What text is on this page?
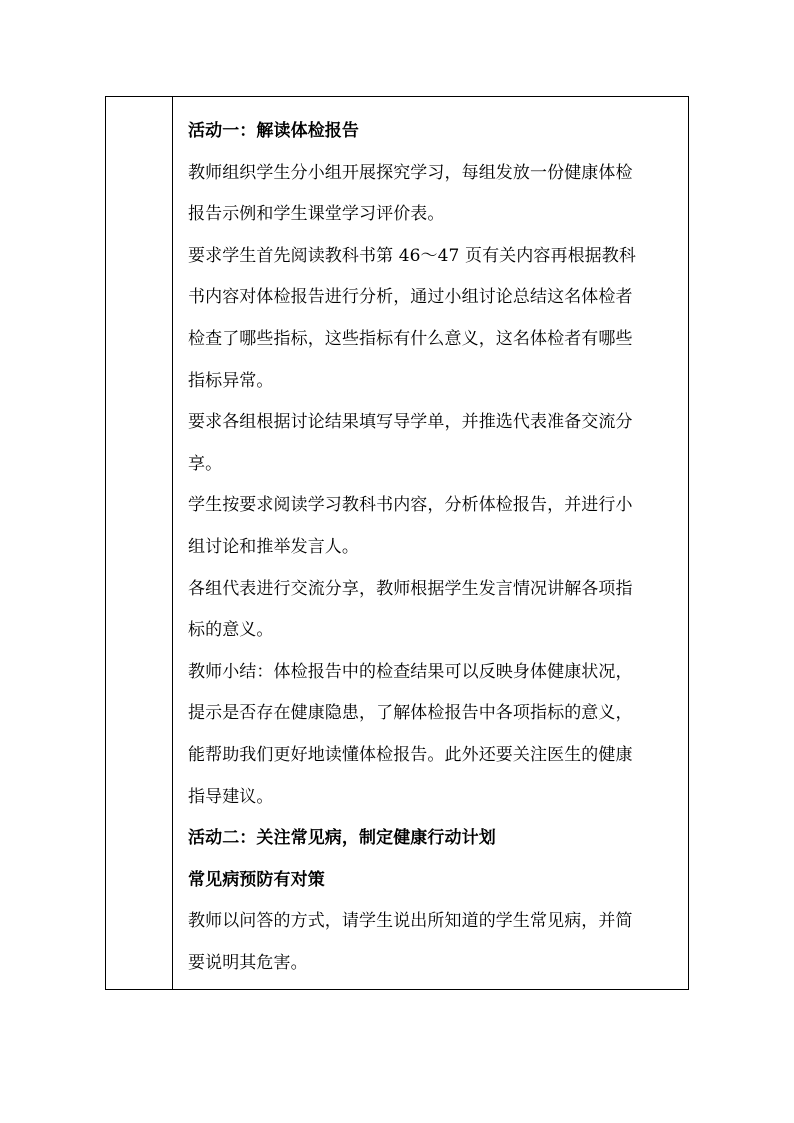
活动一：解读体检报告
教师组织学生分小组开展探究学习，每组发放一份健康体检
报告示例和学生课堂学习评价表。
要求学生首先阅读教科书第 46～47 页有关内容再根据教科
书内容对体检报告进行分析，通过小组讨论总结这名体检者
检查了哪些指标，这些指标有什么意义，这名体检者有哪些
指标异常。
要求各组根据讨论结果填写导学单，并推选代表准备交流分
享。
学生按要求阅读学习教科书内容，分析体检报告，并进行小
组讨论和推举发言人。
各组代表进行交流分享，教师根据学生发言情况讲解各项指
标的意义。
教师小结：体检报告中的检查结果可以反映身体健康状况，
提示是否存在健康隐患，了解体检报告中各项指标的意义，
能帮助我们更好地读懂体检报告。此外还要关注医生的健康
指导建议。
活动二：关注常见病，制定健康行动计划
常见病预防有对策
教师以问答的方式，请学生说出所知道的学生常见病，并简
要说明其危害。
